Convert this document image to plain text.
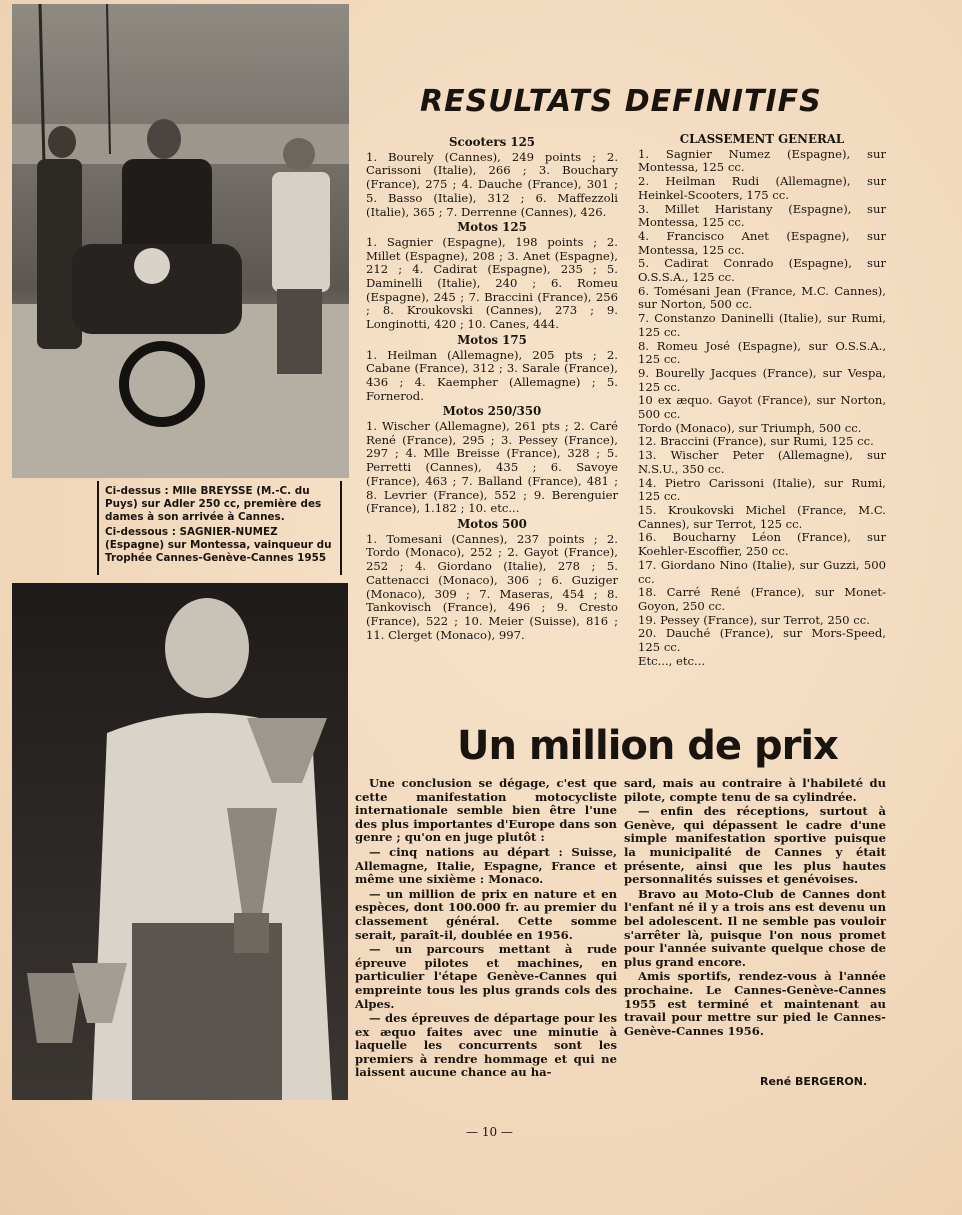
Ci-dessus : Mlle BREYSSE (M.-C. du Puys) sur Adler 250 cc, première des dames à son arrivée à Cannes.

Ci-dessous : SAGNIER-NUMEZ (Espagne) sur Montessa, vainqueur du Trophée Cannes-Genève-Cannes 1955

RESULTATS DEFINITIFS
Scooters 125

1. Bourely (Cannes), 249 points ; 2. Carissoni (Italie), 266 ; 3. Bouchary (France), 275 ; 4. Dauche (France), 301 ; 5. Basso (Italie), 312 ; 6. Maffezzoli (Italie), 365 ; 7. Derrenne (Cannes), 426.

Motos 125

1. Sagnier (Espagne), 198 points ; 2. Millet (Espagne), 208 ; 3. Anet (Espagne), 212 ; 4. Cadirat (Espagne), 235 ; 5. Daminelli (Italie), 240 ; 6. Romeu (Espagne), 245 ; 7. Braccini (France), 256 ; 8. Kroukovski (Cannes), 273 ; 9. Longinotti, 420 ; 10. Canes, 444.

Motos 175

1. Heilman (Allemagne), 205 pts ; 2. Cabane (France), 312 ; 3. Sarale (France), 436 ; 4. Kaempher (Allemagne) ; 5. Fornerod.

Motos 250/350

1. Wischer (Allemagne), 261 pts ; 2. Caré René (France), 295 ; 3. Pessey (France), 297 ; 4. Mlle Breisse (France), 328 ; 5. Perretti (Cannes), 435 ; 6. Savoye (France), 463 ; 7. Balland (France), 481 ; 8. Levrier (France), 552 ; 9. Berenguier (France), 1.182 ; 10. etc...

Motos 500

1. Tomesani (Cannes), 237 points ; 2. Tordo (Monaco), 252 ; 2. Gayot (France), 252 ; 4. Giordano (Italie), 278 ; 5. Cattenacci (Monaco), 306 ; 6. Guziger (Monaco), 309 ; 7. Maseras, 454 ; 8. Tankovisch (France), 496 ; 9. Cresto (France), 522 ; 10. Meier (Suisse), 816 ; 11. Clerget (Monaco), 997.

CLASSEMENT GENERAL

1. Sagnier Numez (Espagne), sur Montessa, 125 cc.

2. Heilman Rudi (Allemagne), sur Heinkel-Scooters, 175 cc.

3. Millet Haristany (Espagne), sur Montessa, 125 cc.

4. Francisco Anet (Espagne), sur Montessa, 125 cc.

5. Cadirat Conrado (Espagne), sur O.S.S.A., 125 cc.

6. Tomésani Jean (France, M.C. Cannes), sur Norton, 500 cc.

7. Constanzo Daninelli (Italie), sur Rumi, 125 cc.

8. Romeu José (Espagne), sur O.S.S.A., 125 cc.

9. Bourelly Jacques (France), sur Vespa, 125 cc.

10 ex æquo. Gayot (France), sur Norton, 500 cc.

Tordo (Monaco), sur Triumph, 500 cc.

12. Braccini (France), sur Rumi, 125 cc.

13. Wischer Peter (Allemagne), sur N.S.U., 350 cc.

14. Pietro Carissoni (Italie), sur Rumi, 125 cc.

15. Kroukovski Michel (France, M.C. Cannes), sur Terrot, 125 cc.

16. Boucharny Léon (France), sur Koehler-Escoffier, 250 cc.

17. Giordano Nino (Italie), sur Guzzi, 500 cc.

18. Carré René (France), sur Monet-Goyon, 250 cc.

19. Pessey (France), sur Terrot, 250 cc.

20. Dauché (France), sur Mors-Speed, 125 cc.

Etc..., etc...

Un million de prix

Une conclusion se dégage, c'est que cette manifestation motocycliste internationale semble bien être l'une des plus importantes d'Europe dans son genre ; qu'on en juge plutôt :

— cinq nations au départ : Suisse, Allemagne, Italie, Espagne, France et même une sixième : Monaco.

— un million de prix en nature et en espèces, dont 100.000 fr. au premier du classement général. Cette somme serait, paraît-il, doublée en 1956.

— un parcours mettant à rude épreuve pilotes et machines, en particulier l'étape Genève-Cannes qui empreinte tous les plus grands cols des Alpes.

— des épreuves de départage pour les ex æquo faites avec une minutie à laquelle les concurrents sont les premiers à rendre hommage et qui ne laissent aucune chance au ha-

sard, mais au contraire à l'habileté du pilote, compte tenu de sa cylindrée.

— enfin des réceptions, surtout à Genève, qui dépassent le cadre d'une simple manifestation sportive puisque la municipalité de Cannes y était présente, ainsi que les plus hautes personnalités suisses et genévoises.

Bravo au Moto-Club de Cannes dont l'enfant né il y a trois ans est devenu un bel adolescent. Il ne semble pas vouloir s'arrêter là, puisque l'on nous promet pour l'année suivante quelque chose de plus grand encore.

Amis sportifs, rendez-vous à l'année prochaine. Le Cannes-Genève-Cannes 1955 est terminé et maintenant au travail pour mettre sur pied le Cannes-Genève-Cannes 1956.

René BERGERON.
— 10 —
